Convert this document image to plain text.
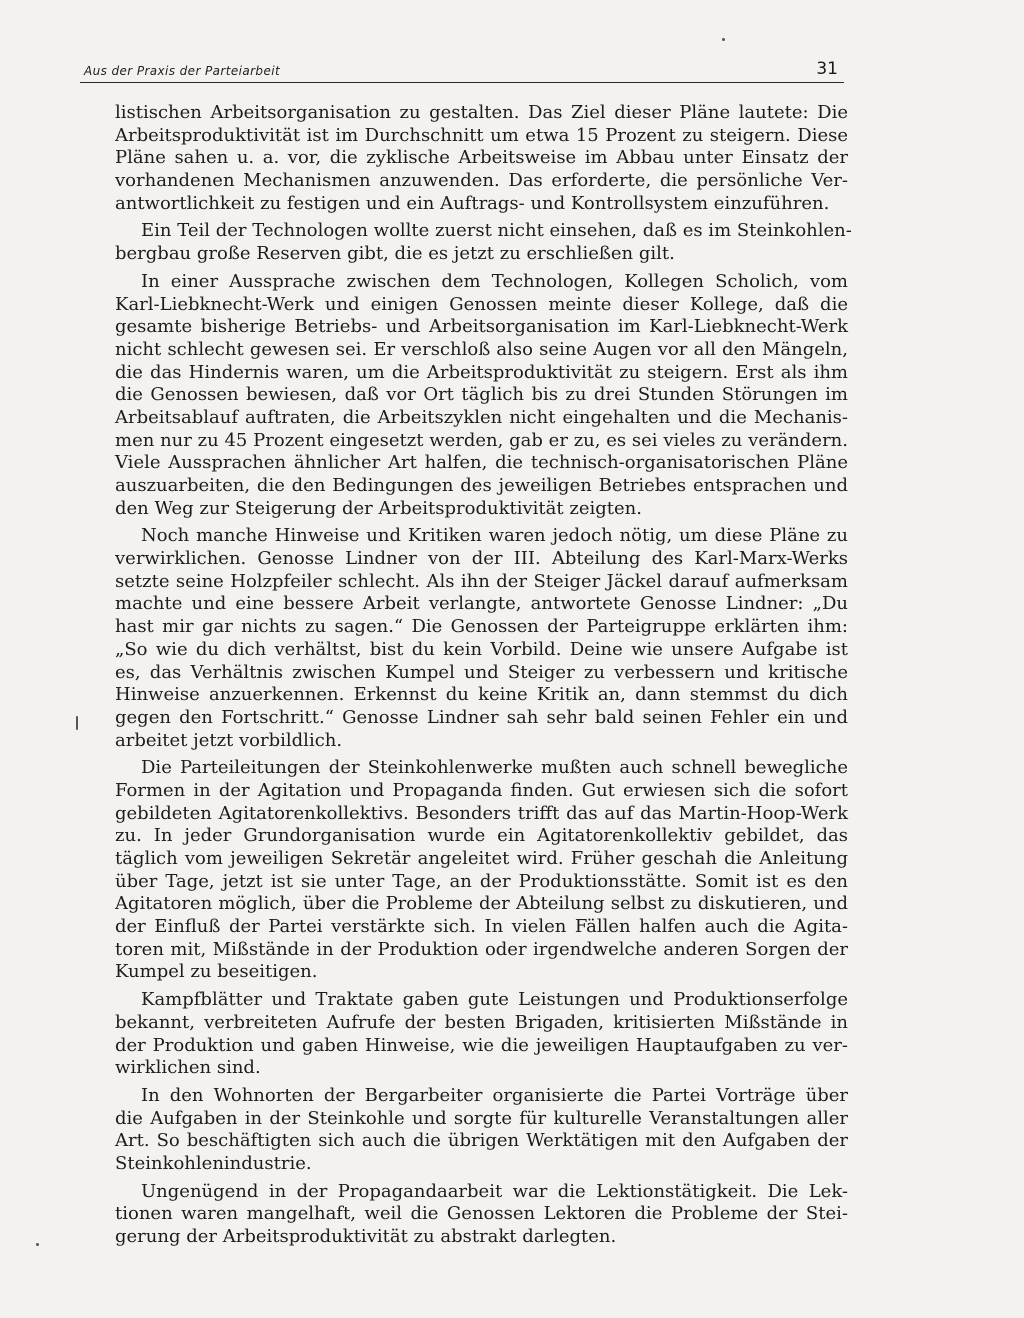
Aus der Praxis der Parteiarbeit	31
listischen Arbeitsorganisation zu gestalten. Das Ziel dieser Pläne lautete: Die
Arbeitsproduktivität ist im Durchschnitt um etwa 15 Prozent zu steigern. Diese
Pläne sahen u. a. vor, die zyklische Arbeitsweise im Abbau unter Einsatz der
vorhandenen Mechanismen anzuwenden. Das erforderte, die persönliche Ver-
antwortlichkeit zu festigen und ein Auftrags- und Kontrollsystem einzuführen.
Ein Teil der Technologen wollte zuerst nicht einsehen, daß es im Steinkohlen-
bergbau große Reserven gibt, die es jetzt zu erschließen gilt.
In einer Aussprache zwischen dem Technologen, Kollegen Scholich, vom
Karl-Liebknecht-Werk und einigen Genossen meinte dieser Kollege, daß die
gesamte bisherige Betriebs- und Arbeitsorganisation im Karl-Liebknecht-Werk
nicht schlecht gewesen sei. Er verschloß also seine Augen vor all den Mängeln,
die das Hindernis waren, um die Arbeitsproduktivität zu steigern. Erst als ihm
die Genossen bewiesen, daß vor Ort täglich bis zu drei Stunden Störungen im
Arbeitsablauf auftraten, die Arbeitszyklen nicht eingehalten und die Mechanis-
men nur zu 45 Prozent eingesetzt werden, gab er zu, es sei vieles zu verändern.
Viele Aussprachen ähnlicher Art halfen, die technisch-organisatorischen Pläne
auszuarbeiten, die den Bedingungen des jeweiligen Betriebes entsprachen und
den Weg zur Steigerung der Arbeitsproduktivität zeigten.
Noch manche Hinweise und Kritiken waren jedoch nötig, um diese Pläne zu
verwirklichen. Genosse Lindner von der III. Abteilung des Karl-Marx-Werks
setzte seine Holzpfeiler schlecht. Als ihn der Steiger Jäckel darauf aufmerksam
machte und eine bessere Arbeit verlangte, antwortete Genosse Lindner: „Du
hast mir gar nichts zu sagen.“ Die Genossen der Parteigruppe erklärten ihm:
„So wie du dich verhältst, bist du kein Vorbild. Deine wie unsere Aufgabe ist
es, das Verhältnis zwischen Kumpel und Steiger zu verbessern und kritische
Hinweise anzuerkennen. Erkennst du keine Kritik an, dann stemmst du dich
gegen den Fortschritt.“ Genosse Lindner sah sehr bald seinen Fehler ein und
arbeitet jetzt vorbildlich.
Die Parteileitungen der Steinkohlenwerke mußten auch schnell bewegliche
Formen in der Agitation und Propaganda finden. Gut erwiesen sich die sofort
gebildeten Agitatorenkollektivs. Besonders trifft das auf das Martin-Hoop-Werk
zu. In jeder Grundorganisation wurde ein Agitatorenkollektiv gebildet, das
täglich vom jeweiligen Sekretär angeleitet wird. Früher geschah die Anleitung
über Tage, jetzt ist sie unter Tage, an der Produktionsstätte. Somit ist es den
Agitatoren möglich, über die Probleme der Abteilung selbst zu diskutieren, und
der Einfluß der Partei verstärkte sich. In vielen Fällen halfen auch die Agita-
toren mit, Mißstände in der Produktion oder irgendwelche anderen Sorgen der
Kumpel zu beseitigen.
Kampfblätter und Traktate gaben gute Leistungen und Produktionserfolge
bekannt, verbreiteten Aufrufe der besten Brigaden, kritisierten Mißstände in
der Produktion und gaben Hinweise, wie die jeweiligen Hauptaufgaben zu ver-
wirklichen sind.
In den Wohnorten der Bergarbeiter organisierte die Partei Vorträge über
die Aufgaben in der Steinkohle und sorgte für kulturelle Veranstaltungen aller
Art. So beschäftigten sich auch die übrigen Werktätigen mit den Aufgaben der
Steinkohlenindustrie.
Ungenügend in der Propagandaarbeit war die Lektionstätigkeit. Die Lek-
tionen waren mangelhaft, weil die Genossen Lektoren die Probleme der Stei-
gerung der Arbeitsproduktivität zu abstrakt darlegten.
